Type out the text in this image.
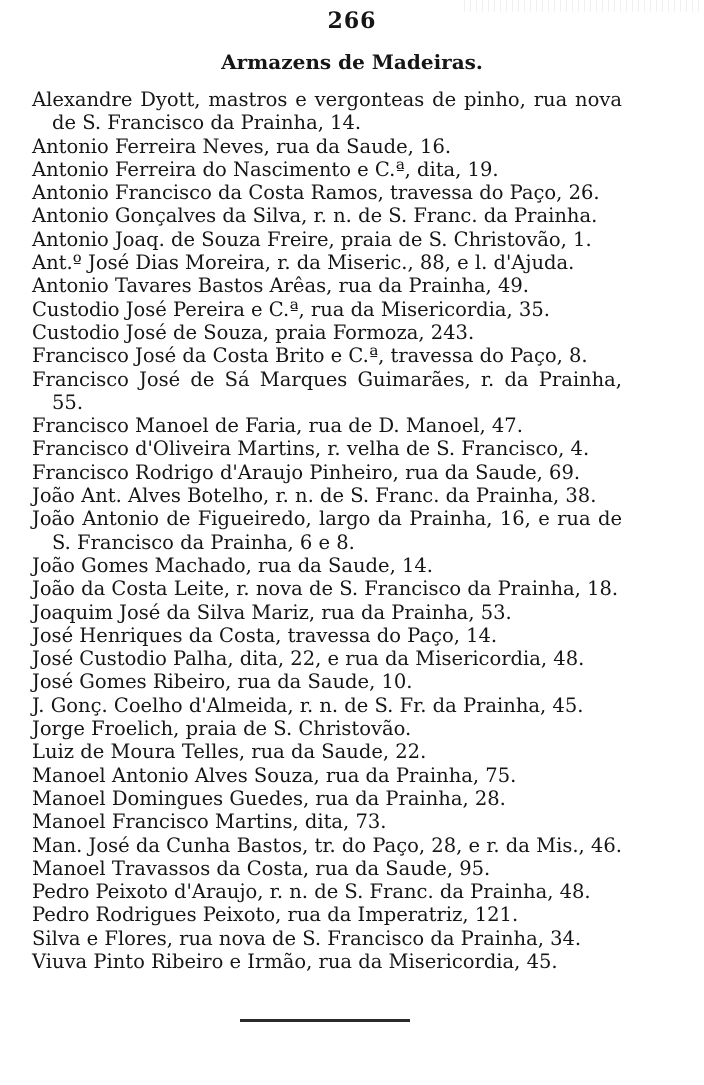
266
Armazens de Madeiras.
Alexandre Dyott, mastros e vergonteas de pinho, rua nova de S. Francisco da Prainha, 14.
Antonio Ferreira Neves, rua da Saude, 16.
Antonio Ferreira do Nascimento e C.ª, dita, 19.
Antonio Francisco da Costa Ramos, travessa do Paço, 26.
Antonio Gonçalves da Silva, r. n. de S. Franc. da Prainha.
Antonio Joaq. de Souza Freire, praia de S. Christovão, 1.
Ant.º José Dias Moreira, r. da Miseric., 88, e l. d'Ajuda.
Antonio Tavares Bastos Arêas, rua da Prainha, 49.
Custodio José Pereira e C.ª, rua da Misericordia, 35.
Custodio José de Souza, praia Formoza, 243.
Francisco José da Costa Brito e C.ª, travessa do Paço, 8.
Francisco José de Sá Marques Guimarães, r. da Prainha, 55.
Francisco Manoel de Faria, rua de D. Manoel, 47.
Francisco d'Oliveira Martins, r. velha de S. Francisco, 4.
Francisco Rodrigo d'Araujo Pinheiro, rua da Saude, 69.
João Ant. Alves Botelho, r. n. de S. Franc. da Prainha, 38.
João Antonio de Figueiredo, largo da Prainha, 16, e rua de S. Francisco da Prainha, 6 e 8.
João Gomes Machado, rua da Saude, 14.
João da Costa Leite, r. nova de S. Francisco da Prainha, 18.
Joaquim José da Silva Mariz, rua da Prainha, 53.
José Henriques da Costa, travessa do Paço, 14.
José Custodio Palha, dita, 22, e rua da Misericordia, 48.
José Gomes Ribeiro, rua da Saude, 10.
J. Gonç. Coelho d'Almeida, r. n. de S. Fr. da Prainha, 45.
Jorge Froelich, praia de S. Christovão.
Luiz de Moura Telles, rua da Saude, 22.
Manoel Antonio Alves Souza, rua da Prainha, 75.
Manoel Domingues Guedes, rua da Prainha, 28.
Manoel Francisco Martins, dita, 73.
Man. José da Cunha Bastos, tr. do Paço, 28, e r. da Mis., 46.
Manoel Travassos da Costa, rua da Saude, 95.
Pedro Peixoto d'Araujo, r. n. de S. Franc. da Prainha, 48.
Pedro Rodrigues Peixoto, rua da Imperatriz, 121.
Silva e Flores, rua nova de S. Francisco da Prainha, 34.
Viuva Pinto Ribeiro e Irmão, rua da Misericordia, 45.
